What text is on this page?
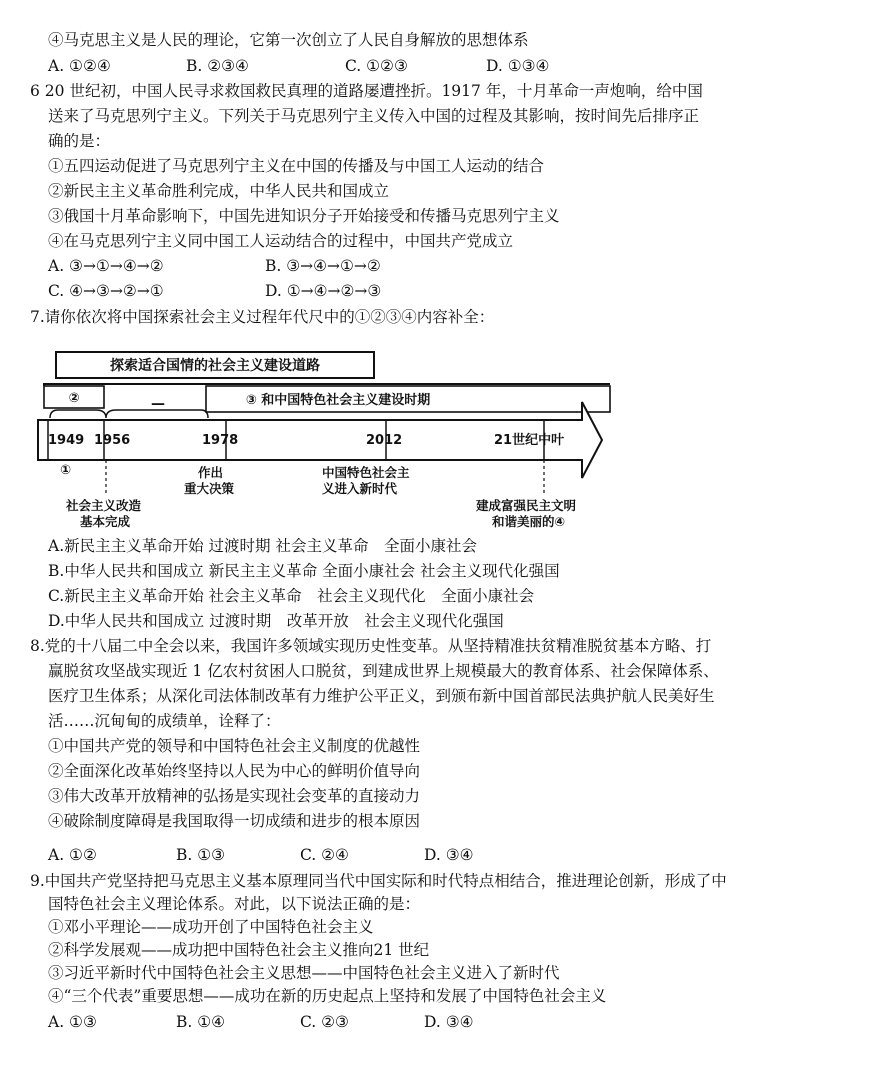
④马克思主义是人民的理论，它第一次创立了人民自身解放的思想体系
A. ①②④	B. ②③④	C. ①②③	D. ①③④
6 20 世纪初，中国人民寻求救国救民真理的道路屡遭挫折。1917 年，十月革命一声炮响，给中国
送来了马克思列宁主义。下列关于马克思列宁主义传入中国的过程及其影响，按时间先后排序正
确的是：
①五四运动促进了马克思列宁主义在中国的传播及与中国工人运动的结合
②新民主主义革命胜利完成，中华人民共和国成立
③俄国十月革命影响下，中国先进知识分子开始接受和传播马克思列宁主义
④在马克思列宁主义同中国工人运动结合的过程中，中国共产党成立
A. ③→①→④→②	B. ③→④→①→②
C. ④→③→②→①	D. ①→④→②→③
7.请你依次将中国探索社会主义过程年代尺中的①②③④内容补全：
探索适合国情的社会主义建设道路
②	—	③ 和中国特色社会主义建设时期
1949 1956	1978	2012	21世纪中叶
①
社会主义改造
基本完成
作出
重大决策
中国特色社会主
义进入新时代
建成富强民主文明
和谐美丽的④
A.新民主主义革命开始 过渡时期 社会主义革命　全面小康社会
B.中华人民共和国成立 新民主主义革命 全面小康社会 社会主义现代化强国
C.新民主主义革命开始 社会主义革命　社会主义现代化　全面小康社会
D.中华人民共和国成立 过渡时期　改革开放　社会主义现代化强国
8.党的十八届二中全会以来，我国许多领域实现历史性变革。从坚持精准扶贫精准脱贫基本方略、打
赢脱贫攻坚战实现近 1 亿农村贫困人口脱贫，到建成世界上规模最大的教育体系、社会保障体系、
医疗卫生体系；从深化司法体制改革有力维护公平正义，到颁布新中国首部民法典护航人民美好生
活……沉甸甸的成绩单，诠释了：
①中国共产党的领导和中国特色社会主义制度的优越性
②全面深化改革始终坚持以人民为中心的鲜明价值导向
③伟大改革开放精神的弘扬是实现社会变革的直接动力
④破除制度障碍是我国取得一切成绩和进步的根本原因
A. ①②	B. ①③	C. ②④	D. ③④
9.中国共产党坚持把马克思主义基本原理同当代中国实际和时代特点相结合，推进理论创新，形成了中
国特色社会主义理论体系。对此，以下说法正确的是：
①邓小平理论——成功开创了中国特色社会主义
②科学发展观——成功把中国特色社会主义推向21 世纪
③习近平新时代中国特色社会主义思想——中国特色社会主义进入了新时代
④“三个代表”重要思想——成功在新的历史起点上坚持和发展了中国特色社会主义
A. ①③	B. ①④	C. ②③	D. ③④
